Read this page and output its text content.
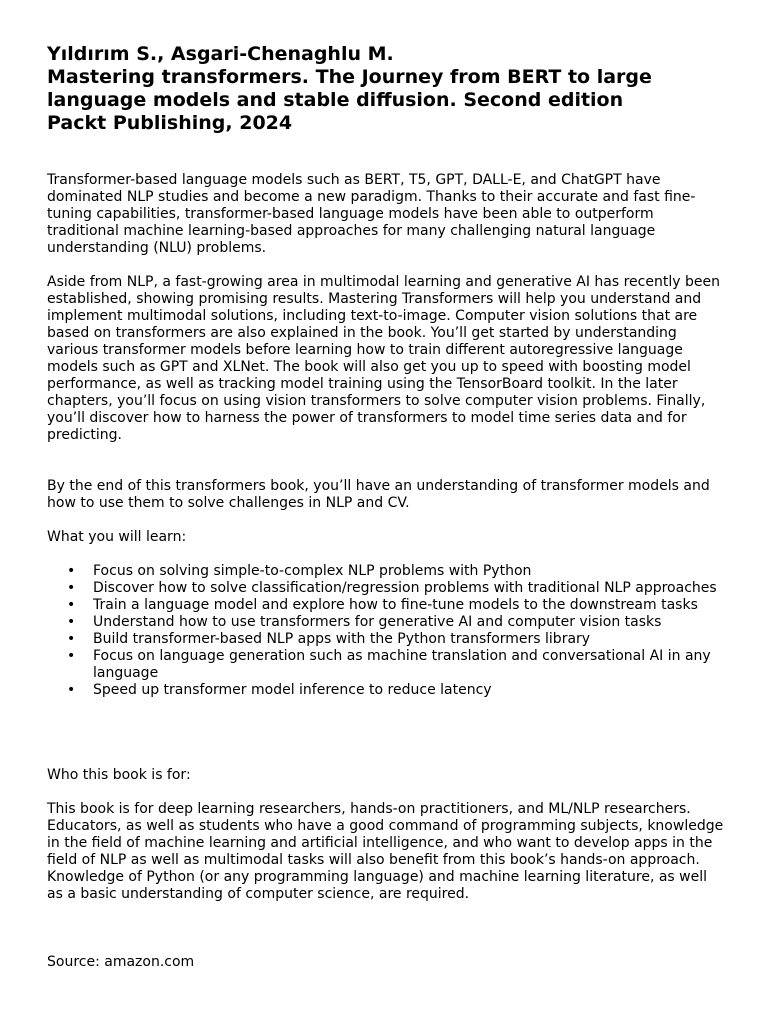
Yıldırım S., Asgari-Chenaghlu M.
Mastering transformers. The Journey from BERT to large
language models and stable diffusion. Second edition
Packt Publishing, 2024

Transformer-based language models such as BERT, T5, GPT, DALL-E, and ChatGPT have dominated NLP studies and become a new paradigm. Thanks to their accurate and fast fine-tuning capabilities, transformer-based language models have been able to outperform traditional machine learning-based approaches for many challenging natural language understanding (NLU) problems.

Aside from NLP, a fast-growing area in multimodal learning and generative AI has recently been established, showing promising results. Mastering Transformers will help you understand and implement multimodal solutions, including text-to-image. Computer vision solutions that are based on transformers are also explained in the book. You’ll get started by understanding various transformer models before learning how to train different autoregressive language models such as GPT and XLNet. The book will also get you up to speed with boosting model performance, as well as tracking model training using the TensorBoard toolkit. In the later chapters, you’ll focus on using vision transformers to solve computer vision problems. Finally, you’ll discover how to harness the power of transformers to model time series data and for predicting.

By the end of this transformers book, you’ll have an understanding of transformer models and how to use them to solve challenges in NLP and CV.

What you will learn:

• Focus on solving simple-to-complex NLP problems with Python
• Discover how to solve classification/regression problems with traditional NLP approaches
• Train a language model and explore how to fine-tune models to the downstream tasks
• Understand how to use transformers for generative AI and computer vision tasks
• Build transformer-based NLP apps with the Python transformers library
• Focus on language generation such as machine translation and conversational AI in any language
• Speed up transformer model inference to reduce latency

Who this book is for:

This book is for deep learning researchers, hands-on practitioners, and ML/NLP researchers. Educators, as well as students who have a good command of programming subjects, knowledge in the field of machine learning and artificial intelligence, and who want to develop apps in the field of NLP as well as multimodal tasks will also benefit from this book’s hands-on approach. Knowledge of Python (or any programming language) and machine learning literature, as well as a basic understanding of computer science, are required.

Source: amazon.com
